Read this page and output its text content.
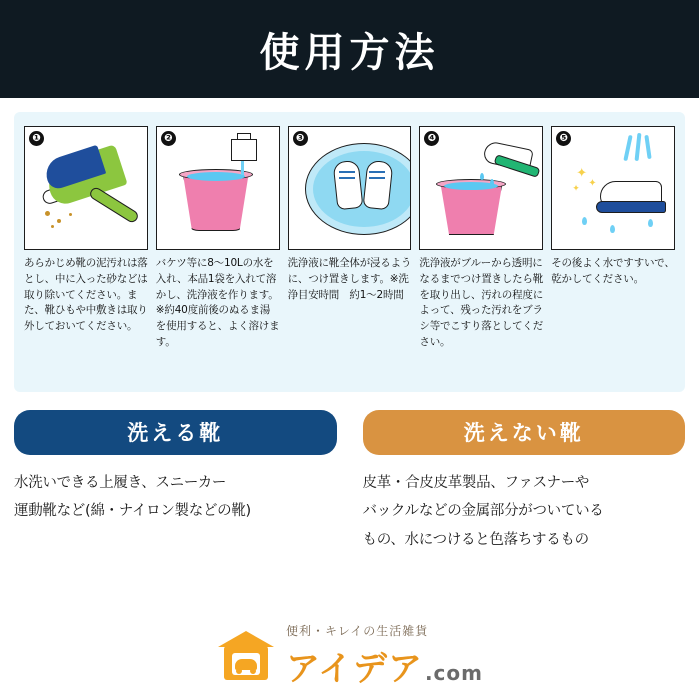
使用方法
❶
あらかじめ靴の泥汚れは落とし、中に入った砂などは取り除いてください。また、靴ひもや中敷きは取り外しておいてください。
❷
バケツ等に8〜10Lの水を入れ、本品1袋を入れて溶かし、洗浄液を作ります。※約40度前後のぬるま湯を使用すると、よく溶けます。
❸
洗浄液に靴全体が浸るように、つけ置きします。※洗浄目安時間　約1〜2時間
❹
洗浄液がブルーから透明になるまでつけ置きしたら靴を取り出し、汚れの程度によって、残った汚れをブラシ等でこすり落としてください。
❺
✦
✦
✦
その後よく水ですすいで、乾かしてください。
洗える靴
水洗いできる上履き、スニーカー
運動靴など(綿・ナイロン製などの靴)
洗えない靴
皮革・合皮皮革製品、ファスナーや
バックルなどの金属部分がついている
もの、水につけると色落ちするもの
便利・キレイの生活雑貨
アイデア .com
